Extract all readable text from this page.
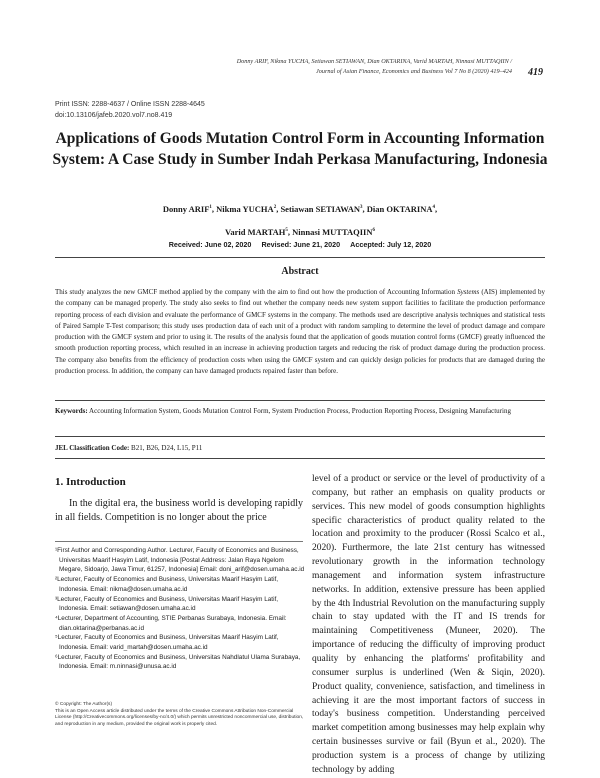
Donny ARIF, Nikma YUCHA, Setiawan SETIAWAN, Dian OKTARINA, Varid MARTAH, Ninnasi MUTTAQIIN /
Journal of Asian Finance, Economics and Business Vol 7 No 8 (2020) 419–424 419
Print ISSN: 2288-4637 / Online ISSN 2288-4645
doi:10.13106/jafeb.2020.vol7.no8.419
Applications of Goods Mutation Control Form in Accounting Information
System: A Case Study in Sumber Indah Perkasa Manufacturing, Indonesia
Donny ARIF$^1$, Nikma YUCHA$^2$, Setiawan SETIAWAN$^3$, Dian OKTARINA$^4$,
Varid MARTAH$^5$, Ninnasi MUTTAQIIN$^6$
Received: June 02, 2020 Revised: June 21, 2020 Accepted: July 12, 2020
Abstract
This study analyzes the new GMCF method applied by the company with the aim to find out how the production of Accounting Information Systems (AIS) implemented by the company can be managed properly. The study also seeks to find out whether the company needs new system support facilities to facilitate the production performance reporting process of each division and evaluate the performance of GMCF systems in the company. The methods used are descriptive analysis techniques and statistical tests of Paired Sample T-Test comparison; this study uses production data of each unit of a product with random sampling to determine the level of product damage and compare production with the GMCF system and prior to using it. The results of the analysis found that the application of goods mutation control forms (GMCF) greatly influenced the smooth production reporting process, which resulted in an increase in achieving production targets and reducing the risk of product damage during the production process. The company also benefits from the efficiency of production costs when using the GMCF system and can quickly design policies for products that are damaged during the production process. In addition, the company can have damaged products repaired faster than before.
Keywords: Accounting Information System, Goods Mutation Control Form, System Production Process, Production Reporting Process, Designing Manufacturing
JEL Classification Code: B21, B26, D24, L15, P11
1. Introduction
In the digital era, the business world is developing rapidly in all fields. Competition is no longer about the price
¹First Author and Corresponding Author. Lecturer, Faculty of Economics and Business, Universitas Maarif Hasyim Latif, Indonesia [Postal Address: Jalan Raya Ngelom Megare, Sidoarjo, Jawa Timur, 61257, Indonesia] Email: doni_arif@dosen.umaha.ac.id
²Lecturer, Faculty of Economics and Business, Universitas Maarif Hasyim Latif, Indonesia. Email: nikma@dosen.umaha.ac.id
³Lecturer, Faculty of Economics and Business, Universitas Maarif Hasyim Latif, Indonesia. Email: setiawan@dosen.umaha.ac.id
⁴Lecturer, Department of Accounting, STIE Perbanas Surabaya, Indonesia. Email: dian.oktarina@perbanas.ac.id
⁵Lecturer, Faculty of Economics and Business, Universitas Maarif Hasyim Latif, Indonesia. Email: varid_martah@dosen.umaha.ac.id
⁶Lecturer, Faculty of Economics and Business, Universitas Nahdlatul Ulama Surabaya, Indonesia. Email: m.ninnasi@unusa.ac.id
© Copyright: The Author(s)
This is an Open Access article distributed under the terms of the Creative Commons Attribution Non-Commercial License (http://Creativecommons.org/licenses/by-nc/4.0/) which permits unrestricted noncommercial use, distribution, and reproduction in any medium, provided the original work is properly cited.
level of a product or service or the level of productivity of a company, but rather an emphasis on quality products or services. This new model of goods consumption highlights specific characteristics of product quality related to the location and proximity to the producer (Rossi Scalco et al., 2020). Furthermore, the late 21st century has witnessed revolutionary growth in the information technology management and information system infrastructure networks. In addition, extensive pressure has been applied by the 4th Industrial Revolution on the manufacturing supply chain to stay updated with the IT and IS trends for maintaining Competitiveness (Muneer, 2020). The importance of reducing the difficulty of improving product quality by enhancing the platforms' profitability and consumer surplus is underlined (Wen & Siqin, 2020). Product quality, convenience, satisfaction, and timeliness in achieving it are the most important factors of success in today's business competition. Understanding perceived market competition among businesses may help explain why certain businesses survive or fail (Byun et al., 2020). The production system is a process of change by utilizing technology by adding
